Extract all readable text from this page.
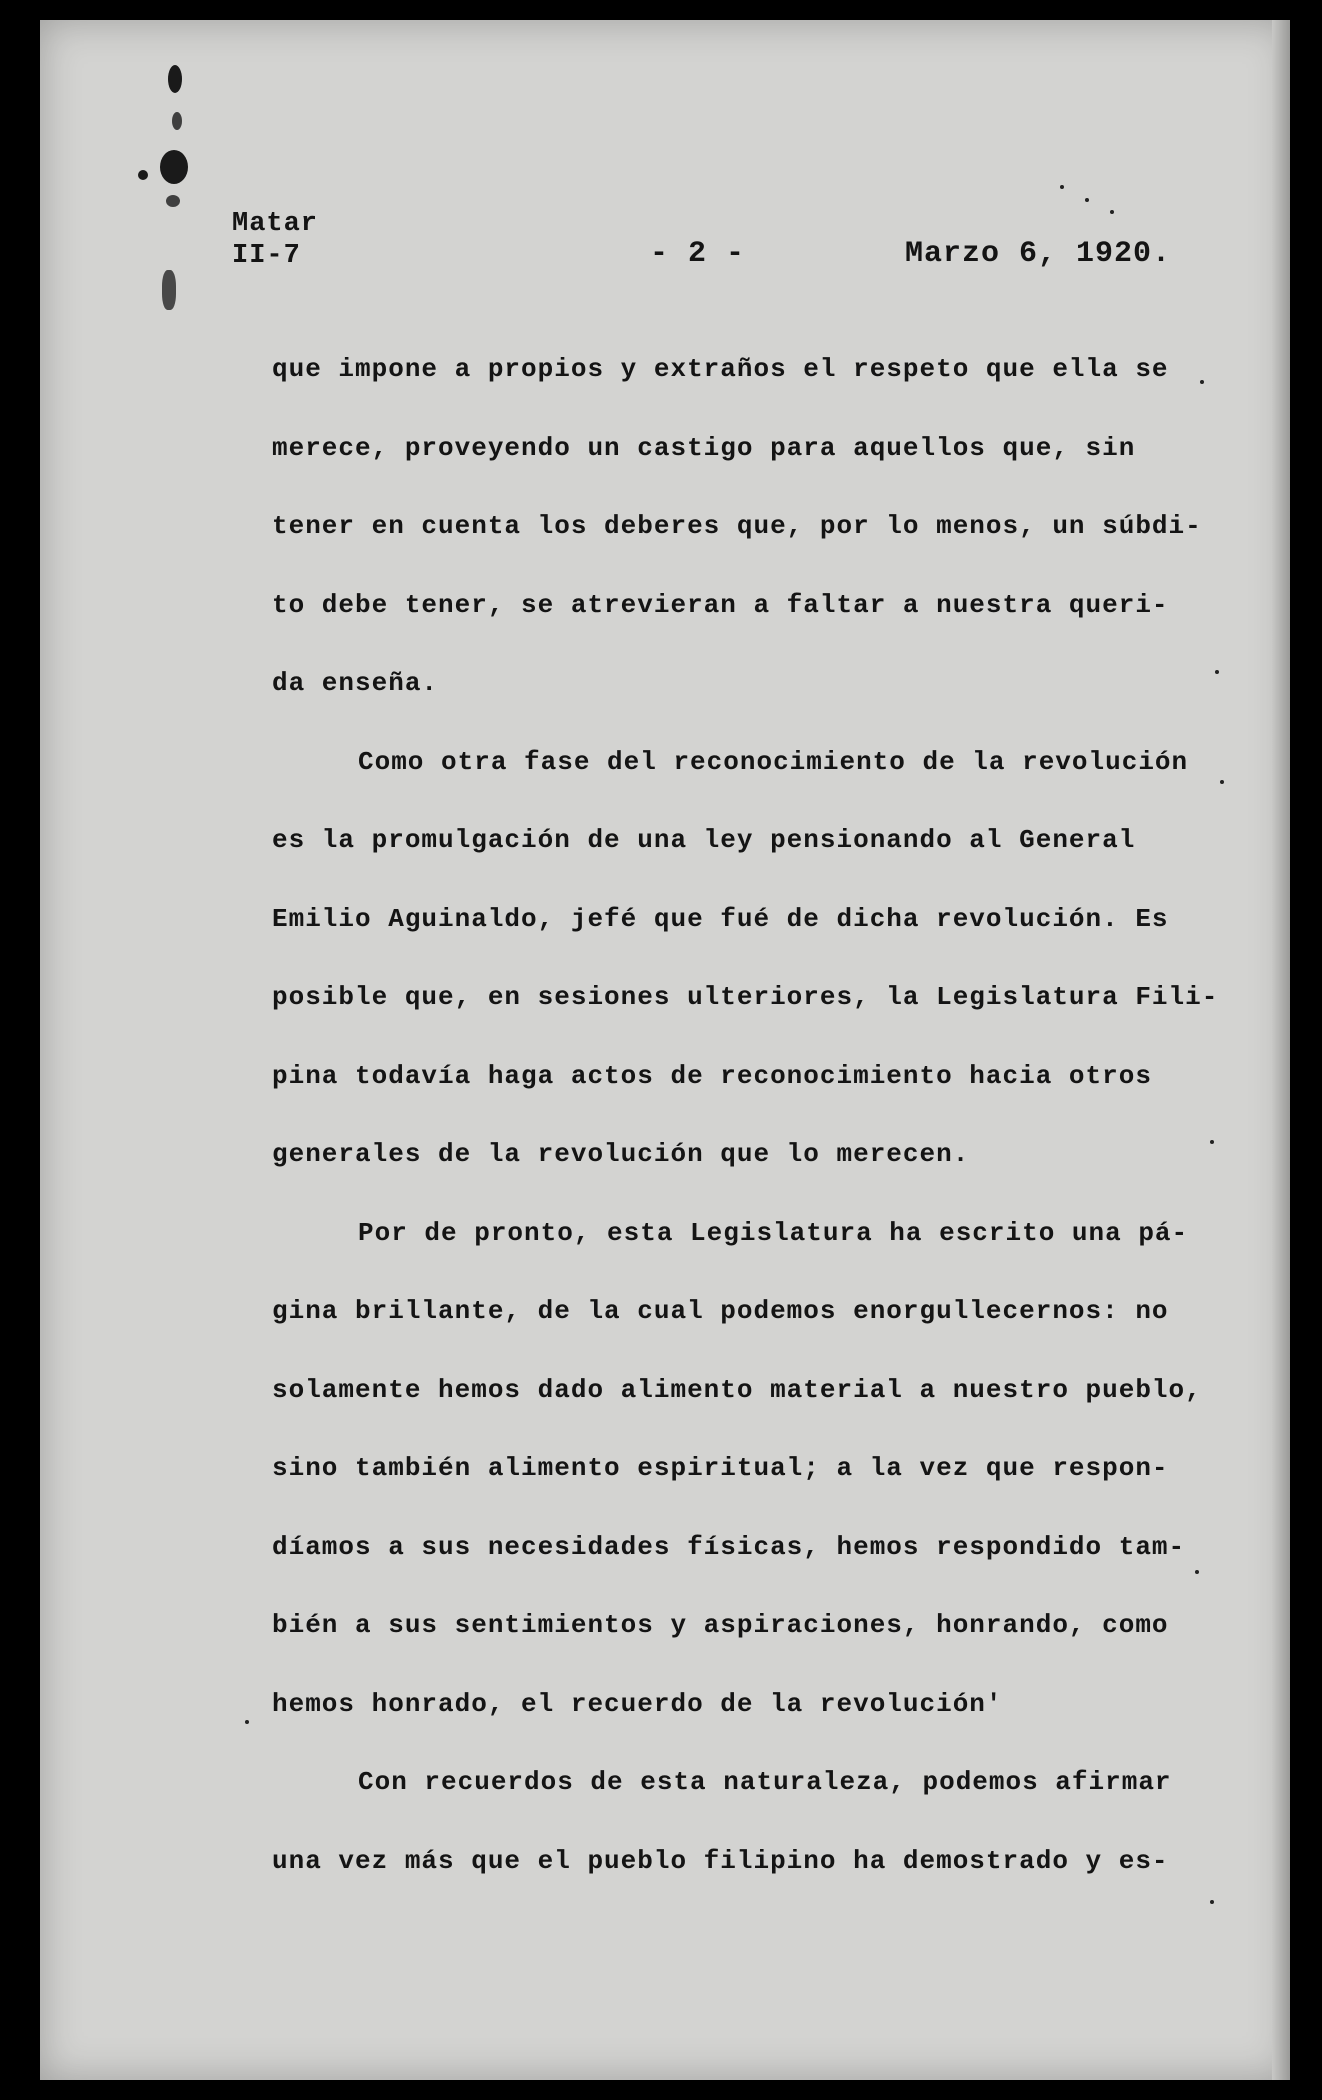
Matar
II-7	- 2 -	Marzo 6, 1920.
que impone a propios y extraños el respeto que ella se
merece, proveyendo un castigo para aquellos que, sin
tener en cuenta los deberes que, por lo menos, un súbdi-
to debe tener, se atrevieran a faltar a nuestra queri-
da enseña.
Como otra fase del reconocimiento de la revolución
es la promulgación de una ley pensionando al General
Emilio Aguinaldo, jefé que fué de dicha revolución. Es
posible que, en sesiones ulteriores, la Legislatura Fili-
pina todavía haga actos de reconocimiento hacia otros
generales de la revolución que lo merecen.
Por de pronto, esta Legislatura ha escrito una pá-
gina brillante, de la cual podemos enorgullecernos: no
solamente hemos dado alimento material a nuestro pueblo,
sino también alimento espiritual; a la vez que respon-
díamos a sus necesidades físicas, hemos respondido tam-
bién a sus sentimientos y aspiraciones, honrando, como
hemos honrado, el recuerdo de la revolución'
Con recuerdos de esta naturaleza, podemos afirmar
una vez más que el pueblo filipino ha demostrado y es-
